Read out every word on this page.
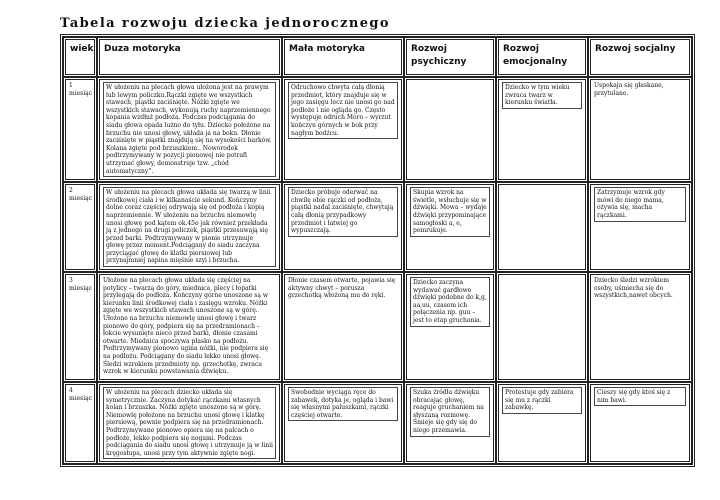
Tabela rozwoju dziecka jednorocznego
wiek	Duza motoryka	Mała motoryka	Rozwoj psychiczny	Rozwoj emocjonalny	Rozwoj socjalny
1 miesiąc	W ułożeniu na plecach głowa ułożona jest na prawym lub lewym policzku.Rączki zgięte we wszystkich stawach, piąstki zaciśnięte. Nóżki zgięte we wszystkich stawach, wykonują ruchy naprzemiennego kopania wzdłuż podłoża. Podczas podciągania do siadu głowa opada lużno do tyłu. Dziecko położone na brzuchu nie unosi głowy, układa ja na boku. Dłonie zaciśnięte w piąstki znajdują się na wysokości barków. Kolana zgięte pod brzuszkiem.. Noworodek podtrzymywany w pozycji pionowej nie potrafi utrzymać głowy, demonstruje tzw. „chód automatyczny”.	Odruchowo chwyta całą dłonią przedmiot, który znajduje się w jego zasięgu lecz nie unosi go nad podłoże i nie ogląda go. Często występuje odruch Moro – wyrzut kończyn górnych w bok przy nagłym bodźcu.		Dziecko w tym wieku zwraca twarz w kierunku światła.	Uspokaja się głaskane, przytulane.
2 miesiąc	W ułożeniu na plecach głowa układa się twarzą w linii środkowej ciała i w kilkanaście sekund. Kończyny dolne coraz częściej odrywają się od podłoża i kopią naprzemiennie. W ułożeniu na brzuchu niemowlę unosi głowę pod kątem ok.45o jak również przekłada ją z jednego na drugi policzek, piąstki przesuwają się przed barki. Podtrzymywany w pionie utrzymuje głowę przez moment.Podciągany do siadu zaczyna przyciągać głowę do klatki piersiowej lub przynajmniej napina mięśnie szyi i brzucha.	Dziecko próbuje oderwać na chwilę obie rączki od podłoża, piąstki nadal zaciśnięte, chwytają całą dłonią przypadkowy przedmiot i łatwiej go wypuszczają.	Skupia wzrok na świetle, wsłuchuje się w dźwięki. Mowa – wydaje dźwięki przypominające samogłoski a, e, pomrukuje.		Zatrzymuje wzrok gdy mówi do niego mama, ożywia się, macha rączkami.

3 miesiąc	Ułożone na plecach głowa układa się częściej na potylicy – twarzą do góry, miednica, plecy i łopatki przylegają do podłoża. Kończyny górne unoszone są w kierunku linii środkowej ciała i zasięgu wzroku. Nóżki zgięte we wszystkich stawach unoszone są w górę. Ułożone na brzuchu niemowlę unosi głowę i twarz pionowo do góry, podpiera się na przedramionach – łokcie wysunięte nieco przed barki, dłonie czasami otwarte. Miednica spoczywa płasko na podłożu. Podtrzymywany pionowo ugina nóżki, nie podpiera się na podłożu. Podciągany do siadu lekko unosi głowę. Śledzi wzrokiem przedmioty np. grzechotkę, zwraca wzrok w kierunku powstawania dźwięku.	Dłonie czasem otwarte, pojawia się aktywny chwyt – porusza grzechotką włożoną mu do ręki.	Dziecko zaczyna wydawać gardłowe dźwięki podobne do k,g, aa,uu, czasem ich połączenia np. guu – jest to etap gruchania.		Dziecko śledzi wzrokiem osoby, uśmiecha się do wszystkich,nawet obcych.
4 miesiąc	W ułożeniu na plecach dziecko układa się symetrycznie. Zaczyna dotykać rączkami własnych kolan i brzuszka. Nóżki zgięte unoszone są w górę. Niemowlę położone na brzuchu unosi głowę i klatkę piersiową, pewnie podpiera się na przedramionach. Podtrzymywane pionowo opiera się na palcach o podłoże, lekko podpiera się nogami. Podczas podciągania do siadu unosi głowę i utrzymuje ją w linii kręgosłupa, unosi przy tym aktywnie zgięte nogi.	Swobodnie wyciąga ręce do zabawek, dotyka je, ogląda i bawi się własnymi paluszkami, rączki częściej otwarte.	Szuka źródła dźwięku obracając głowę, reaguje gruchaniem na słyszaną rozmowę. Śmieje się gdy się do niego przemawia.	Protestuje gdy zabiera się mu z rączki zabawkę.	Cieszy się gdy ktoś się z nim bawi.
